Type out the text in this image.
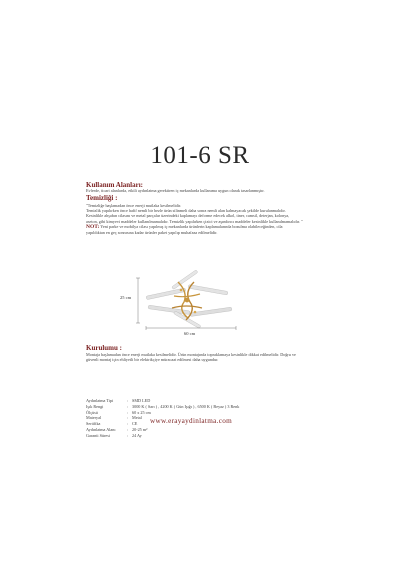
101-6 SR
Kullanım Alanları:

Evlerde, ticari alanlarda, etkili aydınlatma gerektiren iç mekanlarda kullanıma uygun olarak tasarlanmıştır.

Temizliği :

"Temizliğe başlamadan önce enerji mutlaka kesilmelidir.

Temizlik yapılırken önce hafif nemli bir bezle ürün silinmeli daha sonra nemli alan kalmayacak şekilde kurulanmalıdır.

Kesinlikle ahşabın cilasını ve metal parçalar üzerindeki kaplamayı deforme edecek alkol, tiner, camsil, deterjan, kolonya,

aseton, gibi kimyevi maddeler kullanılmamalıdır. Temizlik yapılırken çizici ve aşındırıcı maddeler kesinlikle kullanılmamalıdır. "

NOT: Yeni parke ve mobilya cilası yapılmış iç mekanlarda ürünlerin kaplamalarında bozulma olabileceğinden, cila

yapıldıktan en geç sonrasına kadar ürünler paket yapılıp muhafaza edilmelidir.

25 cm
60 cm
Kurulumu :

Montaja başlamadan önce enerji mutlaka kesilmelidir. Ürün montajında topraklamaya kesinlikle dikkat edilmelidir. Doğru ve

güvenli montaj için ehliyetli bir elektrikçiye müracaat edilmesi daha uygundur.

Aydınlatma Tipi	:	SMD LED
Işık Rengi	:	3000 K ( Sarı ) , 4200 K ( Gün Işığı ) , 6500 K ( Beyaz ) 3 Renk
Ölçüsü	:	60 x 25 cm
Materyal	:	Metal
Sertifika	:	CE
Aydınlatma Alanı	:	20-25 m²
Garanti Süresi	:	24 Ay
www.erayaydinlatma.com
